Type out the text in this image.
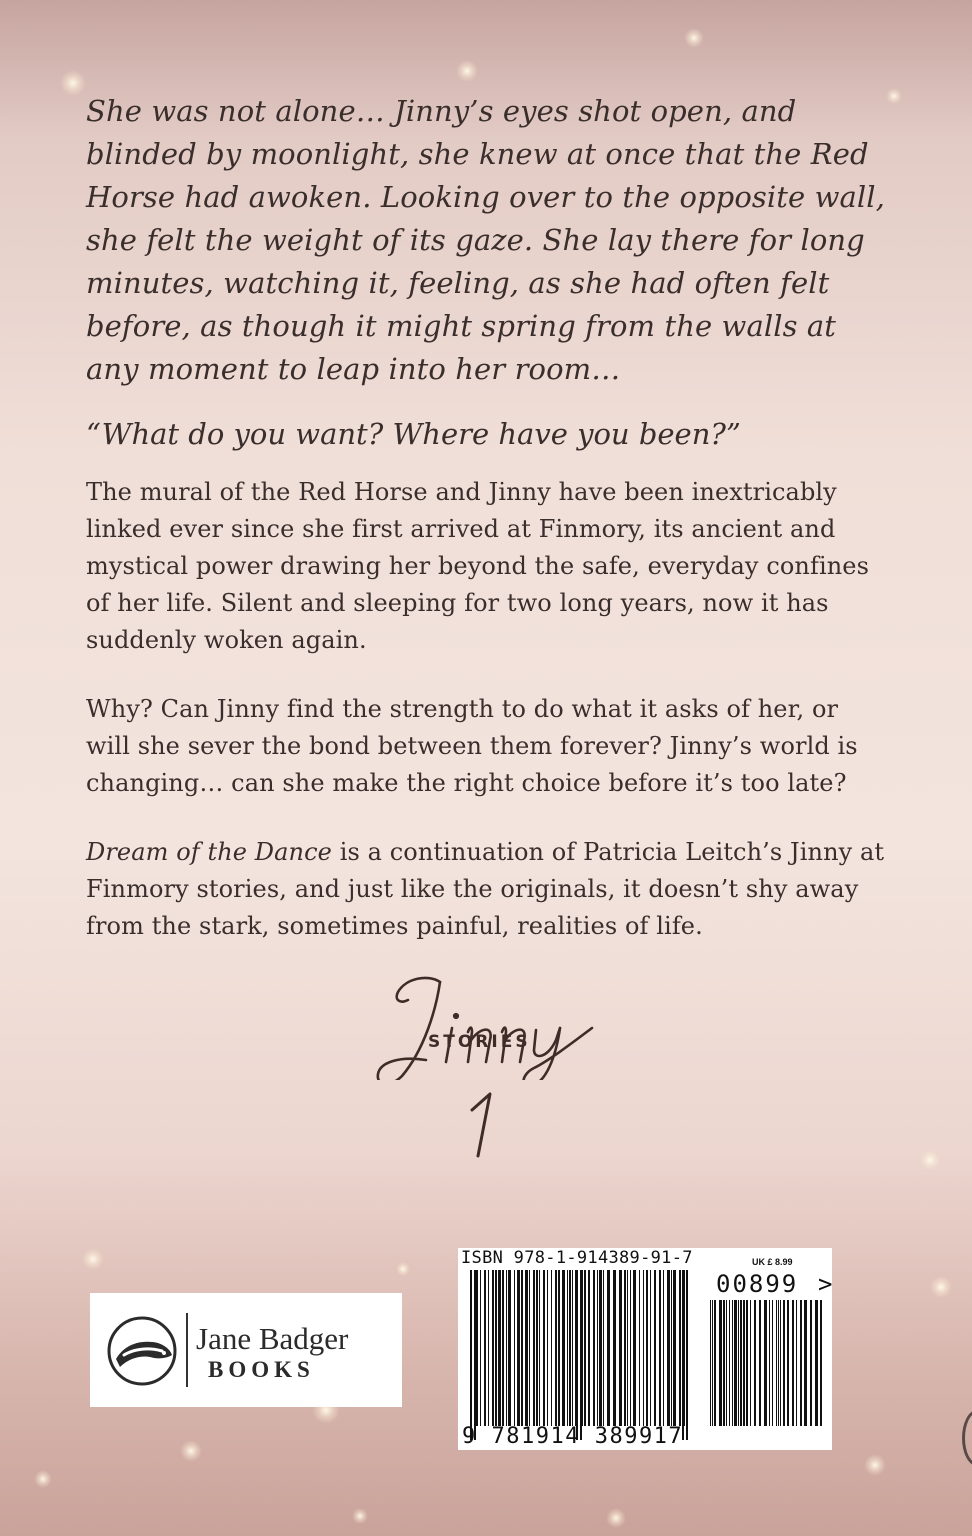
She was not alone… Jinny’s eyes shot open, and blinded by moonlight, she knew at once that the Red Horse had awoken. Looking over to the opposite wall, she felt the weight of its gaze. She lay there for long minutes, watching it, feeling, as she had often felt before, as though it might spring from the walls at any moment to leap into her room…

“What do you want? Where have you been?”

The mural of the Red Horse and Jinny have been inextricably linked ever since she first arrived at Finmory, its ancient and mystical power drawing her beyond the safe, everyday confines of her life. Silent and sleeping for two long years, now it has suddenly woken again.

Why? Can Jinny find the strength to do what it asks of her, or will she sever the bond between them forever? Jinny’s world is changing… can she make the right choice before it’s too late?

Dream of the Dance is a continuation of Patricia Leitch’s Jinny at Finmory stories, and just like the originals, it doesn’t shy away from the stark, sometimes painful, realities of life.

STORIES
Jane Badger
BOOKS
ISBN 978-1-914389-91-7	UK £ 8.99
00899 >
9 781914 389917
